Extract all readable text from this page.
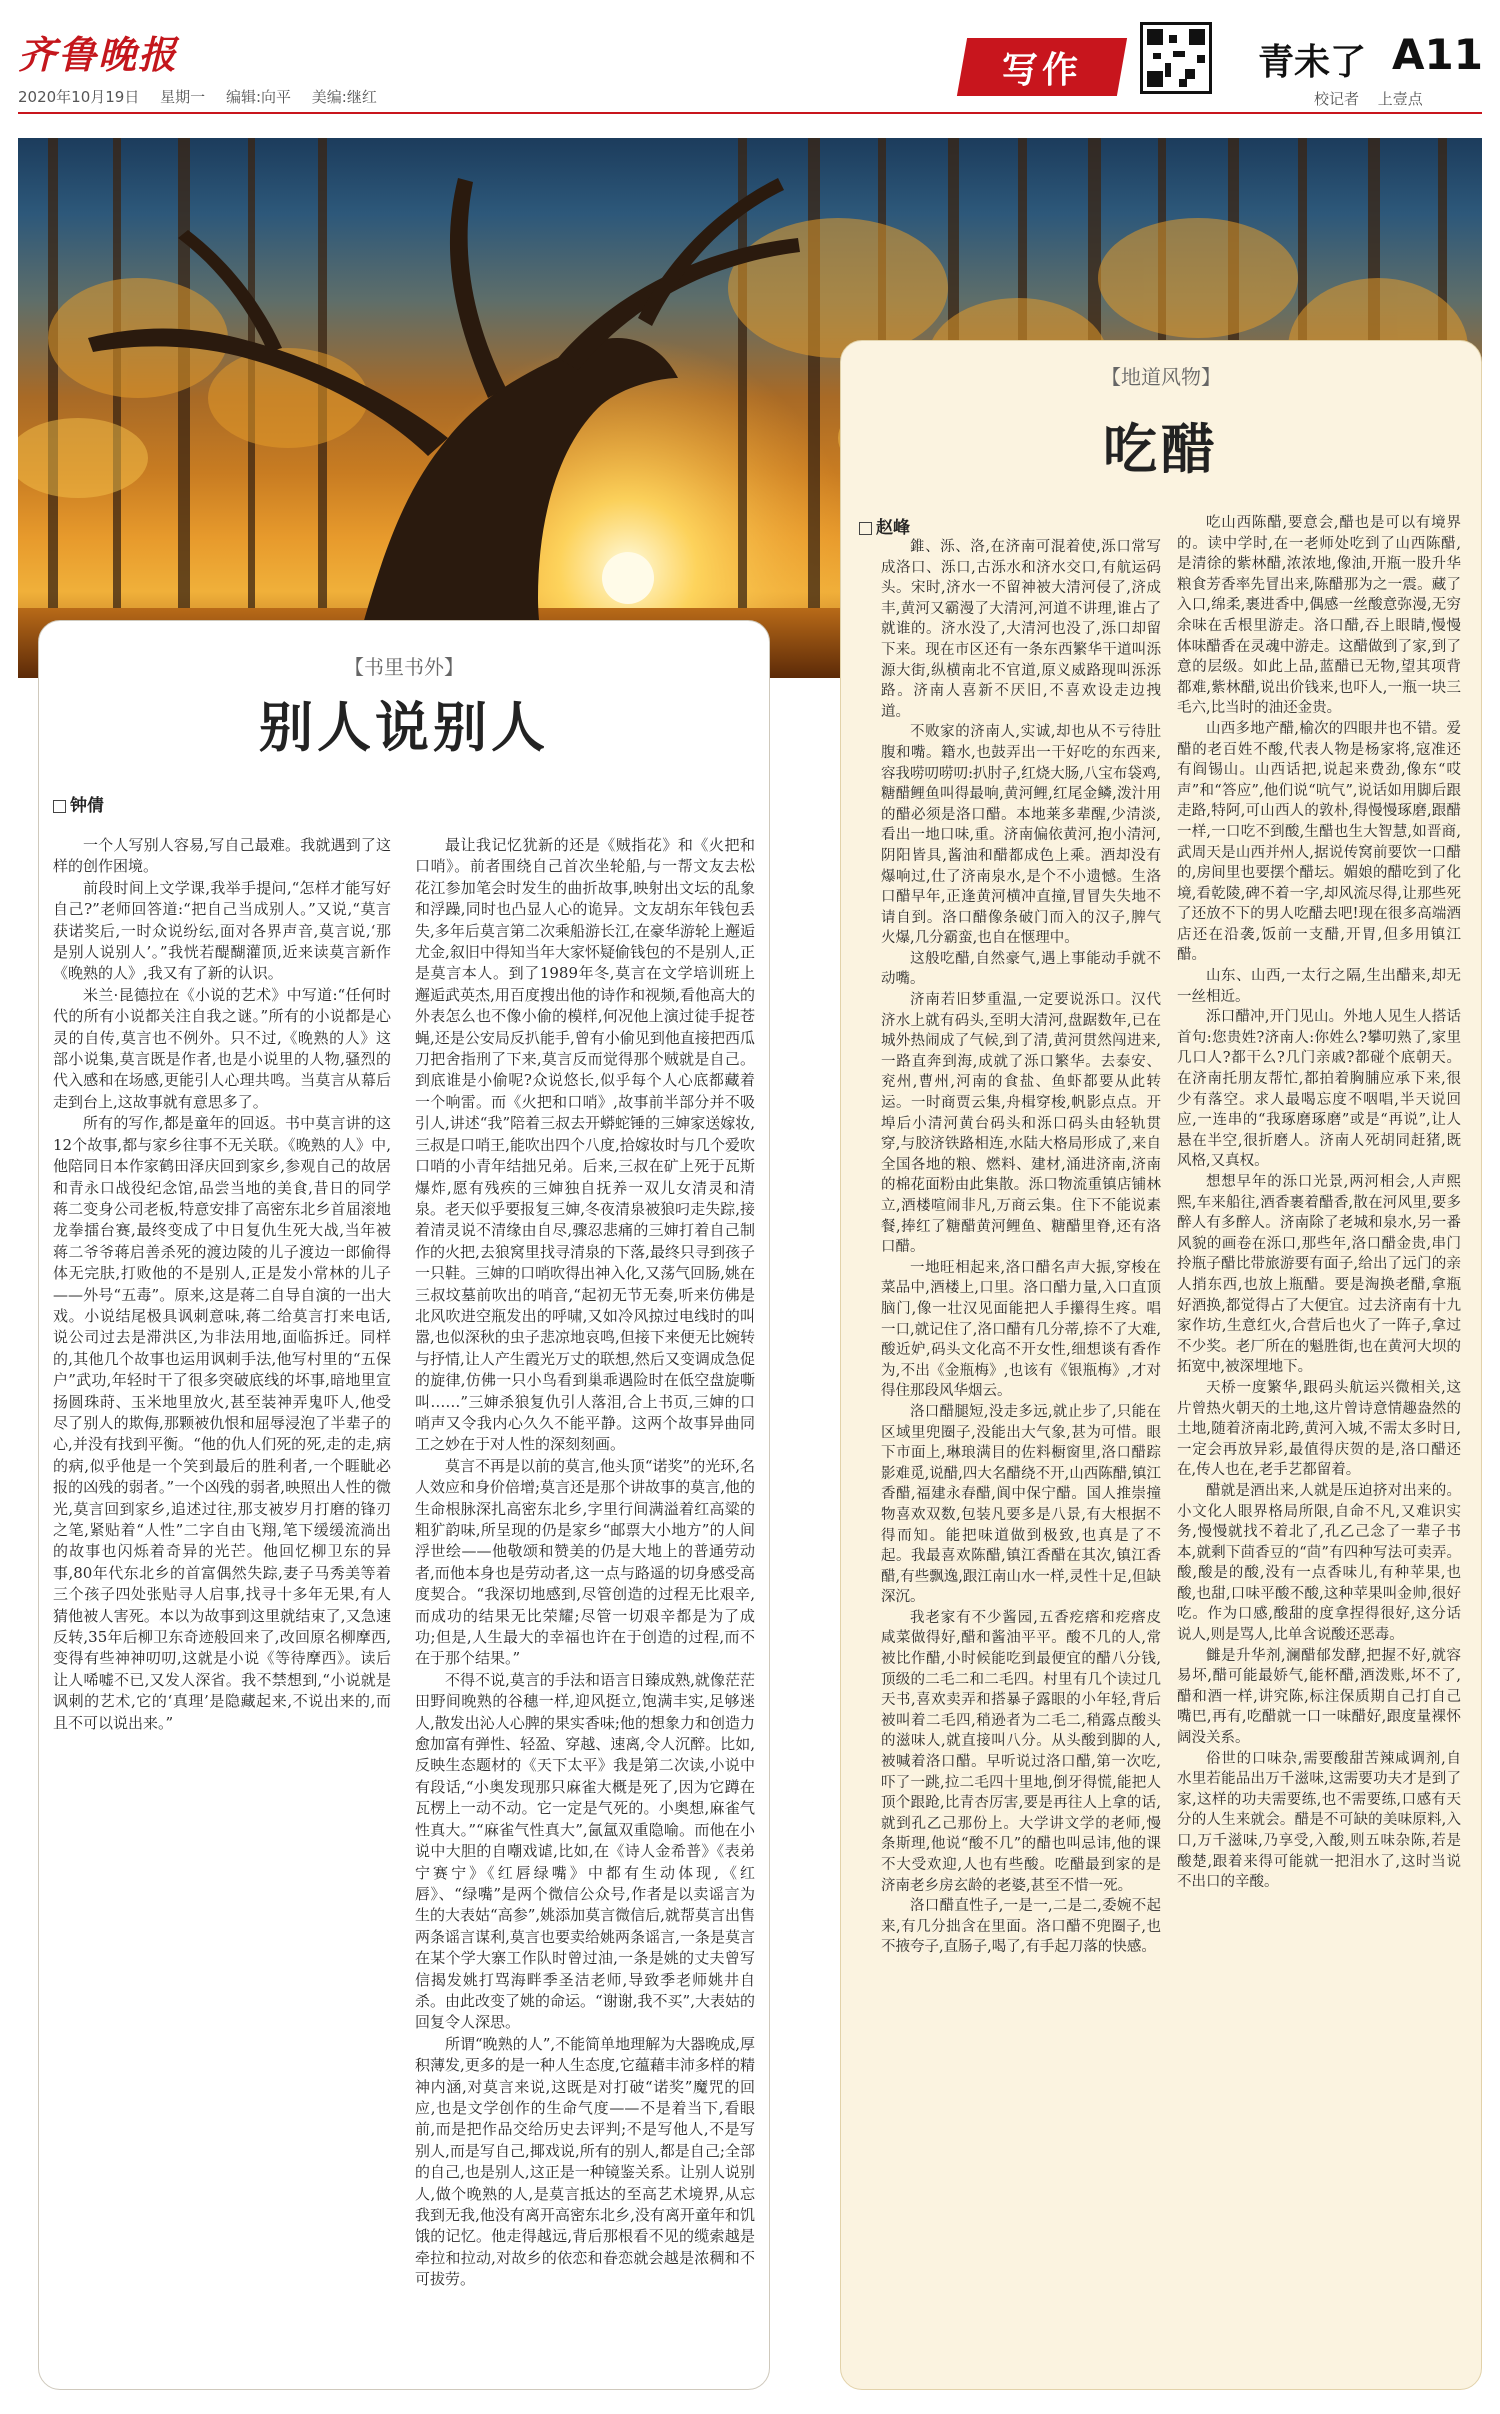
齐鲁晚报
2020年10月19日 星期一 编辑:向平 美编:继红
写作	青未了 A11
校记者 上壹点
【书里书外】
别人说别人
钟倩

一个人写别人容易,写自己最难。我就遇到了这样的创作困境。

前段时间上文学课,我举手提问,“怎样才能写好自己?”老师回答道:“把自己当成别人。”又说,“莫言获诺奖后,一时众说纷纭,面对各界声音,莫言说,‘那是别人说别人’。”我恍若醍醐灌顶,近来读莫言新作《晚熟的人》,我又有了新的认识。

米兰·昆德拉在《小说的艺术》中写道:“任何时代的所有小说都关注自我之谜。”所有的小说都是心灵的自传,莫言也不例外。只不过,《晚熟的人》这部小说集,莫言既是作者,也是小说里的人物,骚烈的代入感和在场感,更能引人心理共鸣。当莫言从幕后走到台上,这故事就有意思多了。

所有的写作,都是童年的回返。书中莫言讲的这12个故事,都与家乡往事不无关联。《晚熟的人》中,他陪同日本作家鹤田泽庆回到家乡,参观自己的故居和青永口战役纪念馆,品尝当地的美食,昔日的同学蒋二变身公司老板,特意安排了高密东北乡首届滚地龙拳擂台赛,最终变成了中日复仇生死大战,当年被蒋二爷爷蒋启善杀死的渡边陵的儿子渡边一郎偷得体无完肤,打败他的不是别人,正是发小常林的儿子——外号“五毒”。原来,这是蒋二自导自演的一出大戏。小说结尾极具讽刺意味,蒋二给莫言打来电话,说公司过去是滞洪区,为非法用地,面临拆迁。同样的,其他几个故事也运用讽刺手法,他写村里的“五保户”武功,年轻时干了很多突破底线的坏事,暗地里宣扬圆珠莳、玉米地里放火,甚至装神弄鬼吓人,他受尽了别人的欺侮,那颗被仇恨和屈辱浸泡了半辈子的心,并没有找到平衡。“他的仇人们死的死,走的走,病的病,似乎他是一个笑到最后的胜利者,一个睚眦必报的凶残的弱者。”一个凶残的弱者,映照出人性的微光,莫言回到家乡,追述过往,那支被岁月打磨的锋刃之笔,紧贴着“人性”二字自由飞翔,笔下缓缓流淌出的故事也闪烁着奇异的光芒。他回忆柳卫东的异事,80年代东北乡的首富偶然失踪,妻子马秀美等着三个孩子四处张贴寻人启事,找寻十多年无果,有人猜他被人害死。本以为故事到这里就结束了,又急速反转,35年后柳卫东奇迹般回来了,改回原名柳摩西,变得有些神神叨叨,这就是小说《等待摩西》。读后让人唏嘘不已,又发人深省。我不禁想到,“小说就是讽刺的艺术,它的‘真理’是隐藏起来,不说出来的,而且不可以说出来。”

最让我记忆犹新的还是《贼指花》和《火把和口哨》。前者围绕自己首次坐轮船,与一帮文友去松花江参加笔会时发生的曲折故事,映射出文坛的乱象和浮躁,同时也凸显人心的诡异。文友胡东年钱包丢失,多年后莫言第二次乘船游长江,在豪华游轮上邂逅尤金,叙旧中得知当年大家怀疑偷钱包的不是别人,正是莫言本人。到了1989年冬,莫言在文学培训班上邂逅武英杰,用百度搜出他的诗作和视频,看他高大的外表怎么也不像小偷的模样,何况他上演过徒手捉苍蝇,还是公安局反扒能手,曾有小偷见到他直接把西瓜刀把舍指刑了下来,莫言反而觉得那个贼就是自己。到底谁是小偷呢?众说悠长,似乎每个人心底都藏着一个响雷。而《火把和口哨》,故事前半部分并不吸引人,讲述“我”陪着三叔去开蟒蛇锤的三婶家送嫁妆,三叔是口哨王,能吹出四个八度,拾嫁妆时与几个爱吹口哨的小青年结拙兄弟。后来,三叔在矿上死于瓦斯爆炸,愿有残疾的三婶独自抚养一双儿女清灵和清泉。老天似乎要报复三婶,冬夜清泉被狼叼走失踪,接着清灵说不清缘由自尽,骤忍悲痛的三婶打着自己制作的火把,去狼窝里找寻清泉的下落,最终只寻到孩子一只鞋。三婶的口哨吹得出神入化,又荡气回肠,姚在三叔坟墓前吹出的哨音,“起初无节无奏,听来仿佛是北风吹进空瓶发出的呼啸,又如冷风掠过电线时的叫嚣,也似深秋的虫子悲凉地哀鸣,但接下来便无比婉转与抒情,让人产生霞光万丈的联想,然后又变调成急促的旋律,仿佛一只小鸟看到巢乖遇险时在低空盘旋嘶叫……”三婶杀狼复仇引人落泪,合上书页,三婶的口哨声又令我内心久久不能平静。这两个故事异曲同工之妙在于对人性的深刻刻画。

莫言不再是以前的莫言,他头顶“诺奖”的光环,名人效应和身价倍增;莫言还是那个讲故事的莫言,他的生命根脉深扎高密东北乡,字里行间满溢着红高粱的粗犷韵味,所呈现的仍是家乡“邮票大小地方”的人间浮世绘——他敬颂和赞美的仍是大地上的普通劳动者,而他本身也是劳动者,这一点与路遥的切身感受高度契合。“我深切地感到,尽管创造的过程无比艰辛,而成功的结果无比荣耀;尽管一切艰辛都是为了成功;但是,人生最大的幸福也许在于创造的过程,而不在于那个结果。”

不得不说,莫言的手法和语言日臻成熟,就像茫茫田野间晚熟的谷穗一样,迎风挺立,饱满丰实,足够迷人,散发出沁人心脾的果实香味;他的想象力和创造力愈加富有弹性、轻盈、穿越、速离,令人沉醉。比如,反映生态题材的《天下太平》我是第二次读,小说中有段话,“小奥发现那只麻雀大概是死了,因为它蹲在瓦楞上一动不动。它一定是气死的。小奥想,麻雀气性真大。”“麻雀气性真大”,氤氲双重隐喻。而他在小说中大胆的自嘲戏谑,比如,在《诗人金希普》《表弟宁赛宁》《红唇绿嘴》中都有生动体现,《红唇》、“绿嘴”是两个微信公众号,作者是以卖谣言为生的大表姑“高参”,姚添加莫言微信后,就帮莫言出售两条谣言谋利,莫言也要卖给姚两条谣言,一条是莫言在某个学大寨工作队时曾过油,一条是姚的丈夫曾写信揭发姚打骂海畔季圣洁老师,导致季老师姚井自杀。由此改变了姚的命运。“谢谢,我不买”,大表姑的回复令人深思。

所谓“晚熟的人”,不能简单地理解为大器晚成,厚积薄发,更多的是一种人生态度,它蕴藉丰沛多样的精神内涵,对莫言来说,这既是对打破“诺奖”魔咒的回应,也是文学创作的生命气度——不是着当下,看眼前,而是把作品交给历史去评判;不是写他人,不是写别人,而是写自己,揶戏说,所有的别人,都是自己;全部的自己,也是别人,这正是一种镜鉴关系。让别人说别人,做个晚熟的人,是莫言抵达的至高艺术境界,从忘我到无我,他没有离开高密东北乡,没有离开童年和饥饿的记忆。他走得越远,背后那根看不见的缆索越是牵拉和拉动,对故乡的依恋和眷恋就会越是浓稠和不可拔劳。

【地道风物】
吃醋
赵峰

錐、泺、洛,在济南可混着使,泺口常写成洛口、泺口,古泺水和济水交口,有航运码头。宋时,济水一不留神被大清河侵了,济成丰,黄河又霸漫了大清河,河道不讲理,谁占了就谁的。济水没了,大清河也没了,泺口却留下来。现在市区还有一条东西繁华干道叫泺源大街,纵横南北不官道,原义威路现叫泺泺路。济南人喜新不厌旧,不喜欢设走边拽道。

不败家的济南人,实诚,却也从不亏待肚腹和嘴。籍水,也鼓弄出一干好吃的东西来,容我唠叨唠叨:扒肘子,红烧大肠,八宝布袋鸡,糖醋鲤鱼叫得最响,黄河鲤,红尾金鳞,泼汁用的醋必须是洛口醋。本地莱多辈醒,少清淡,看出一地口味,重。济南偏依黄河,抱小清河,阴阳皆具,酱油和醋都成色上乘。酒却没有爆响过,仕了济南泉水,是个不小遗憾。生洛口醋早年,正逢黄河横冲直撞,冒冒失失地不请自到。洛口醋像条破门而入的汉子,脾气火爆,几分霸蛮,也自在惬理中。

这般吃醋,自然豪气,遇上事能动手就不动嘴。

济南若旧梦重温,一定要说泺口。汉代济水上就有码头,至明大清河,盘踞数年,已在城外热闹成了气候,到了清,黄河贯然闯进来,一路直奔到海,成就了泺口繁华。去泰安、兖州,曹州,河南的食盐、鱼虾都要从此转运。一时商贾云集,舟楫穿梭,帆影点点。开埠后小清河黄台码头和泺口码头由轻轨贯穿,与胶济铁路相连,水陆大格局形成了,来自全国各地的粮、燃料、建材,涌进济南,济南的棉花面粉由此集散。泺口物流重镇店铺林立,酒楼喧闹非凡,万商云集。住下不能说素餐,捧红了糖醋黄河鲤鱼、糖醋里脊,还有洛口醋。

一地旺相起来,洛口醋名声大振,穿梭在菜品中,酒楼上,口里。洛口醋力量,入口直顶脑门,像一壮汉见面能把人手攥得生疼。唱一口,就记住了,洛口醋有几分蒂,捺不了大难,酸近妒,码头文化高不开女性,细想谈有香作为,不出《金瓶梅》,也该有《银瓶梅》,才对得住那段风华烟云。

洛口醋腿短,没走多远,就止步了,只能在区域里兜圈子,没能出大气象,甚为可惜。眼下市面上,琳琅满目的佐料橱窗里,洛口醋踪影难觅,说醋,四大名醋绕不开,山西陈醋,镇江香醋,福建永春醋,阆中保宁醋。国人推崇撞物喜欢双数,包装凡要多是八景,有大根据不得而知。能把味道做到极致,也真是了不起。我最喜欢陈醋,镇江香醋在其次,镇江香醋,有些飘逸,跟江南山水一样,灵性十足,但缺深沉。

我老家有不少酱园,五香疙瘩和疙瘩皮咸菜做得好,醋和酱油平平。酸不几的人,常被比作醋,小时候能吃到最便宜的醋八分钱,顶级的二毛二和二毛四。村里有几个读过几天书,喜欢卖弄和搭暴子露眼的小年轻,背后被叫着二毛四,稍逊者为二毛二,稍露点酸头的滋味人,就直接叫八分。从头酸到脚的人,被喊着洛口醋。早听说过洛口醋,第一次吃,吓了一跳,拉二毛四十里地,倒牙得慌,能把人顶个跟跄,比青杏厉害,要是再往人上拿的话,就到孔乙己那份上。大学讲文学的老师,慢条斯理,他说“酸不几”的醋也叫忌讳,他的课不大受欢迎,人也有些酸。吃醋最到家的是济南老乡房玄龄的老婆,甚至不惜一死。

洛口醋直性子,一是一,二是二,委婉不起来,有几分拙含在里面。洛口醋不兜圈子,也不掖夸子,直肠子,喝了,有手起刀落的快感。

吃山西陈醋,要意会,醋也是可以有境界的。读中学时,在一老师处吃到了山西陈醋,是清徐的紫林醋,浓浓地,像油,开瓶一股升华粮食芳香率先冒出来,陈醋那为之一震。藏了入口,绵柔,裹进香中,偶感一丝酸意弥漫,无穷余味在舌根里游走。洛口醋,吞上眼睛,慢慢体味醋香在灵魂中游走。这醋做到了家,到了意的层级。如此上品,蓝醋已无物,望其项背都难,紫林醋,说出价钱来,也吓人,一瓶一块三毛六,比当时的油还金贵。

山西多地产醋,榆次的四眼井也不错。爱醋的老百姓不酸,代表人物是杨家将,寇准还有阎锡山。山西话把,说起来费劲,像东“哎声”和“答应”,他们说“吭气”,说话如用脚后跟走路,特阿,可山西人的敦朴,得慢慢琢磨,跟醋一样,一口吃不到酸,生醋也生大智慧,如晋商,武周天是山西并州人,据说传窝前要饮一口醋的,房间里也要摆个醋坛。媚娘的醋吃到了化境,看乾陵,碑不着一字,却风流尽得,让那些死了还放不下的男人吃醋去吧!现在很多高端酒店还在沿袭,饭前一支醋,开胃,但多用镇江醋。

山东、山西,一太行之隔,生出醋来,却无一丝相近。

泺口醋冲,开门见山。外地人见生人搭话首句:您贵姓?济南人:你姓么?攀叨熟了,家里几口人?都干么?几门亲戚?都碰个底朝天。在济南托朋友帮忙,都拍着胸脯应承下来,很少有落空。求人最喝忘度不咽唱,半天说回应,一连串的“我琢磨琢磨”或是“再说”,让人悬在半空,很折磨人。济南人死胡同赶猪,既风格,又真权。

想想早年的泺口光景,两河相会,人声熙熙,车来船往,酒香裹着醋香,散在河风里,要多醉人有多醉人。济南除了老城和泉水,另一番风貌的画卷在泺口,那些年,洛口醋金贵,串门拎瓶子醋比带旅游要有面子,给出了远门的亲人捎东西,也放上瓶醋。要是淘换老醋,拿瓶好酒换,都觉得占了大便宜。过去济南有十九家作坊,生意红火,合营后也火了一阵子,拿过不少奖。老厂所在的魁胜街,也在黄河大坝的拓宽中,被深埋地下。

天桥一度繁华,跟码头航运兴微相关,这片曾热火朝天的土地,这片曾诗意情趣盎然的土地,随着济南北跨,黄河入城,不需太多时日,一定会再放异彩,最值得庆贺的是,洛口醋还在,传人也在,老手艺都留着。

醋就是酒出来,人就是压迫挤对出来的。小文化人眼界格局所限,自命不凡,又难识实务,慢慢就找不着北了,孔乙己念了一辈子书本,就剩下茴香豆的“茴”有四种写法可卖弄。酸,酸是的酸,没有一点香味儿,有种苹果,也酸,也甜,口味平酸不酸,这种苹果叫金帅,很好吃。作为口感,酸甜的度拿捏得很好,这分话说人,则是骂人,比单含说酸还恶毒。

雠是升华剂,澜醋郁发酵,把握不好,就容易坏,醋可能最娇气,能杯醋,酒泼账,坏不了,醋和酒一样,讲究陈,标注保质期自己打自己嘴巴,再有,吃醋就一口一味醋好,跟度量裸怀阔没关系。

俗世的口味杂,需要酸甜苦辣咸调剂,自水里若能品出万千滋味,这需要功夫才是到了家,这样的功夫需要练,也不需要练,口感有天分的人生来就会。醋是不可缺的美味原料,入口,万千滋味,乃享受,入酸,则五味杂陈,若是酸楚,跟着来得可能就一把泪水了,这时当说不出口的辛酸。
